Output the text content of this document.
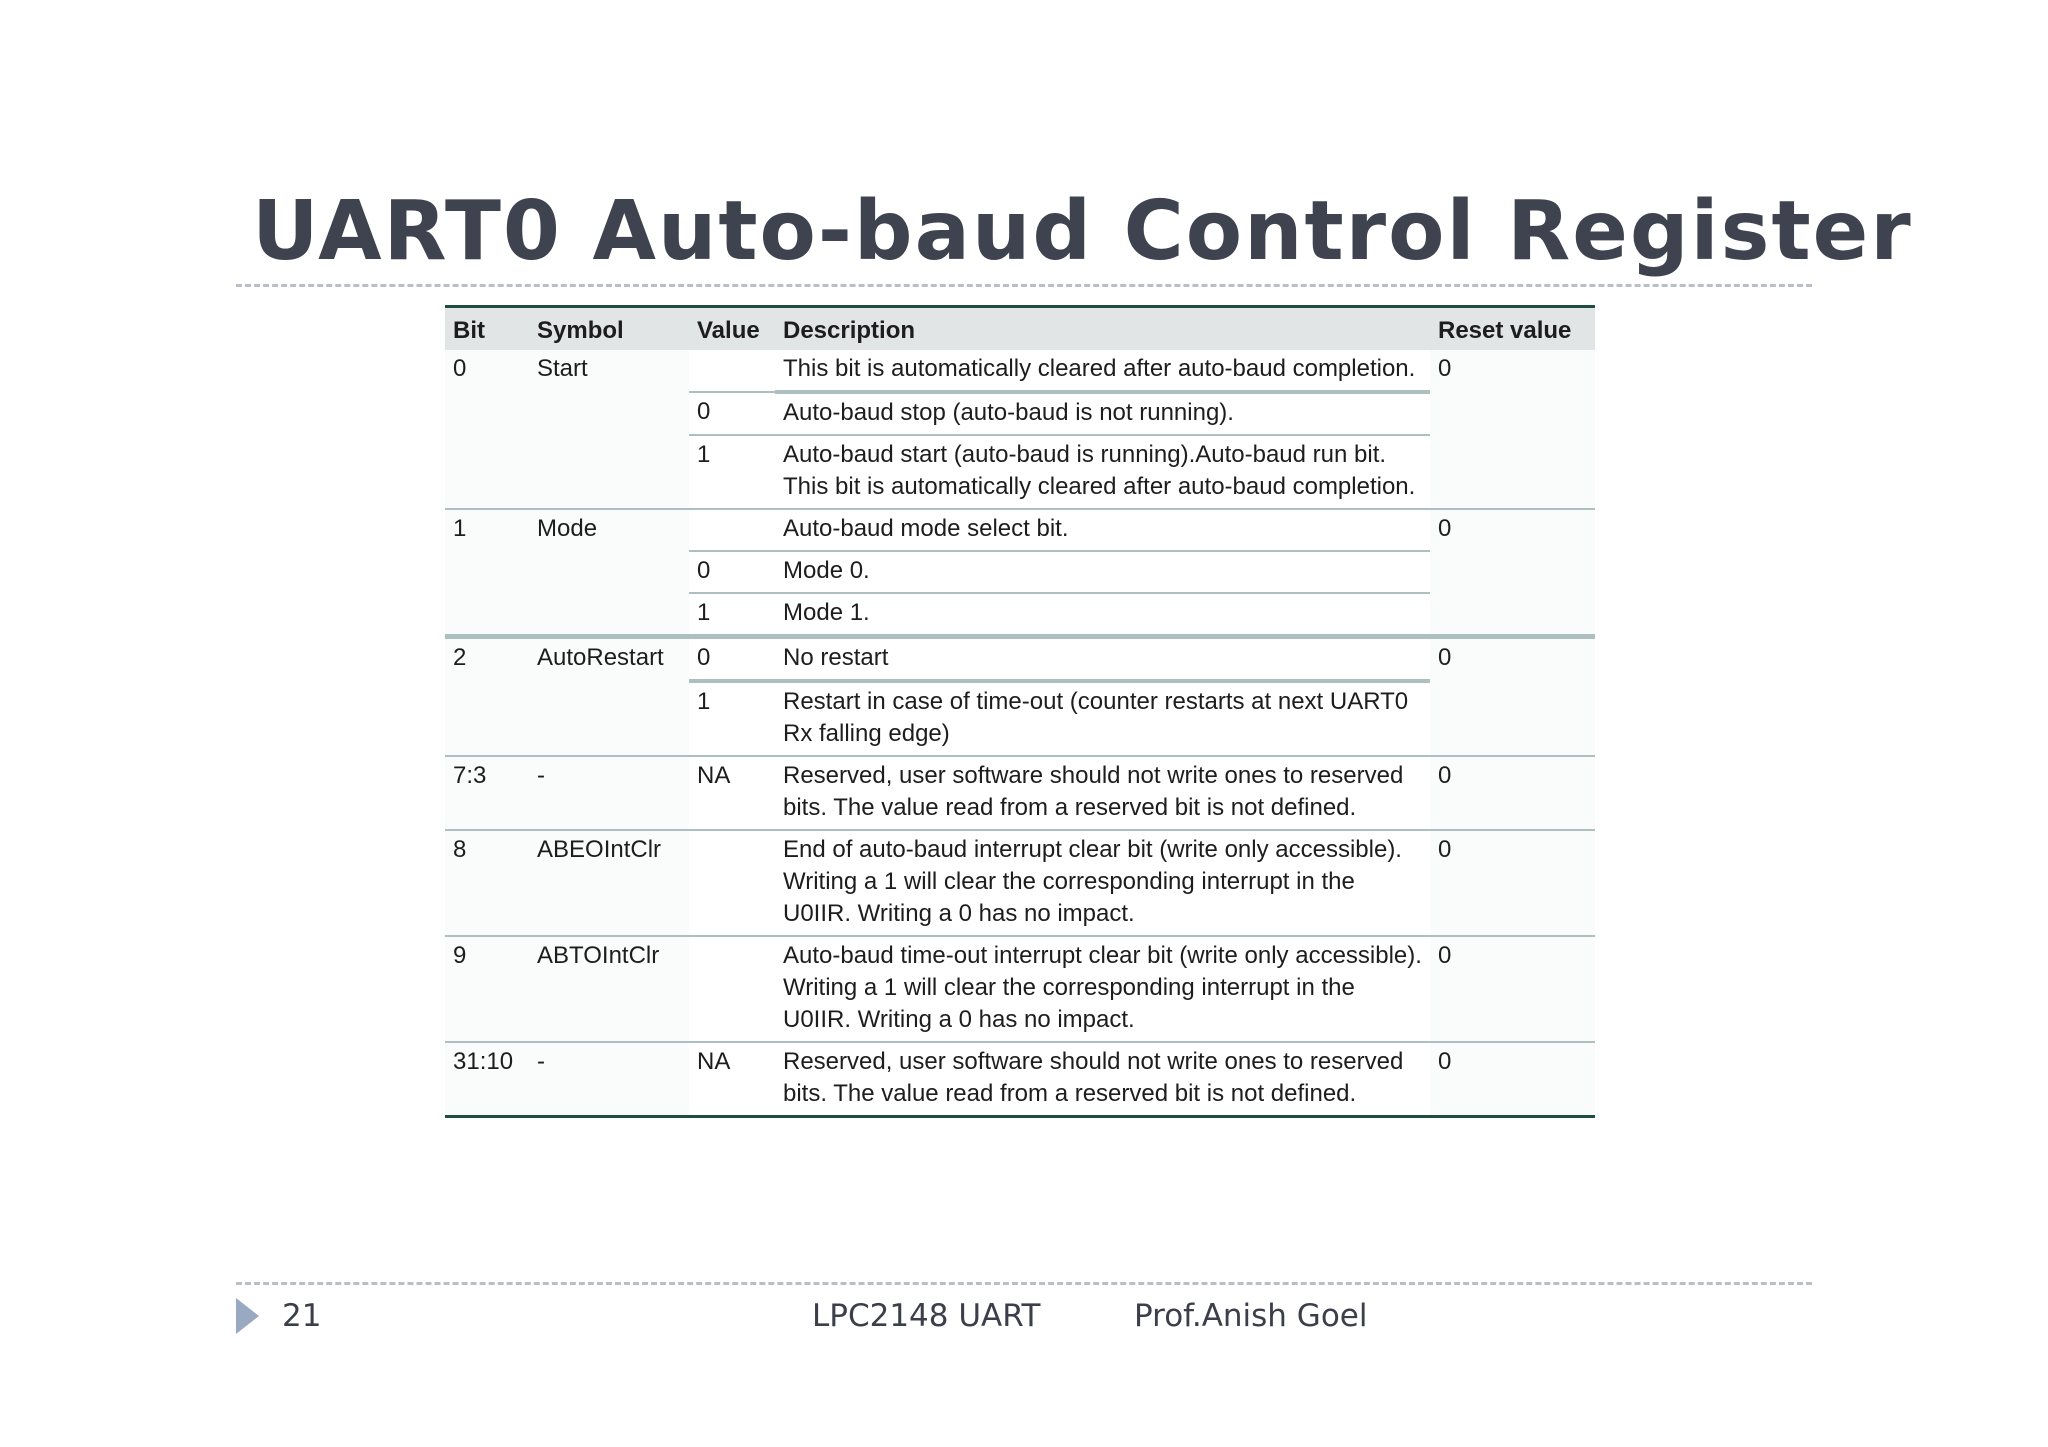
UART0 Auto-baud Control Register
Bit	Symbol	Value	Description	Reset value
0	Start		This bit is automatically cleared after auto-baud completion.	0
		0	Auto-baud stop (auto-baud is not running).	
		1	Auto-baud start (auto-baud is running).Auto-baud run bit. This bit is automatically cleared after auto-baud completion.	
1	Mode		Auto-baud mode select bit.	0
		0	Mode 0.	
		1	Mode 1.	
2	AutoRestart	0	No restart	0
		1	Restart in case of time-out (counter restarts at next UART0 Rx falling edge)	
7:3	-	NA	Reserved, user software should not write ones to reserved bits. The value read from a reserved bit is not defined.	0
8	ABEOIntClr		End of auto-baud interrupt clear bit (write only accessible). Writing a 1 will clear the corresponding interrupt in the U0IIR. Writing a 0 has no impact.	0
9	ABTOIntClr		Auto-baud time-out interrupt clear bit (write only accessible). Writing a 1 will clear the corresponding interrupt in the U0IIR. Writing a 0 has no impact.	0
31:10	-	NA	Reserved, user software should not write ones to reserved bits. The value read from a reserved bit is not defined.	0

21	LPC2148 UART	Prof.Anish Goel
